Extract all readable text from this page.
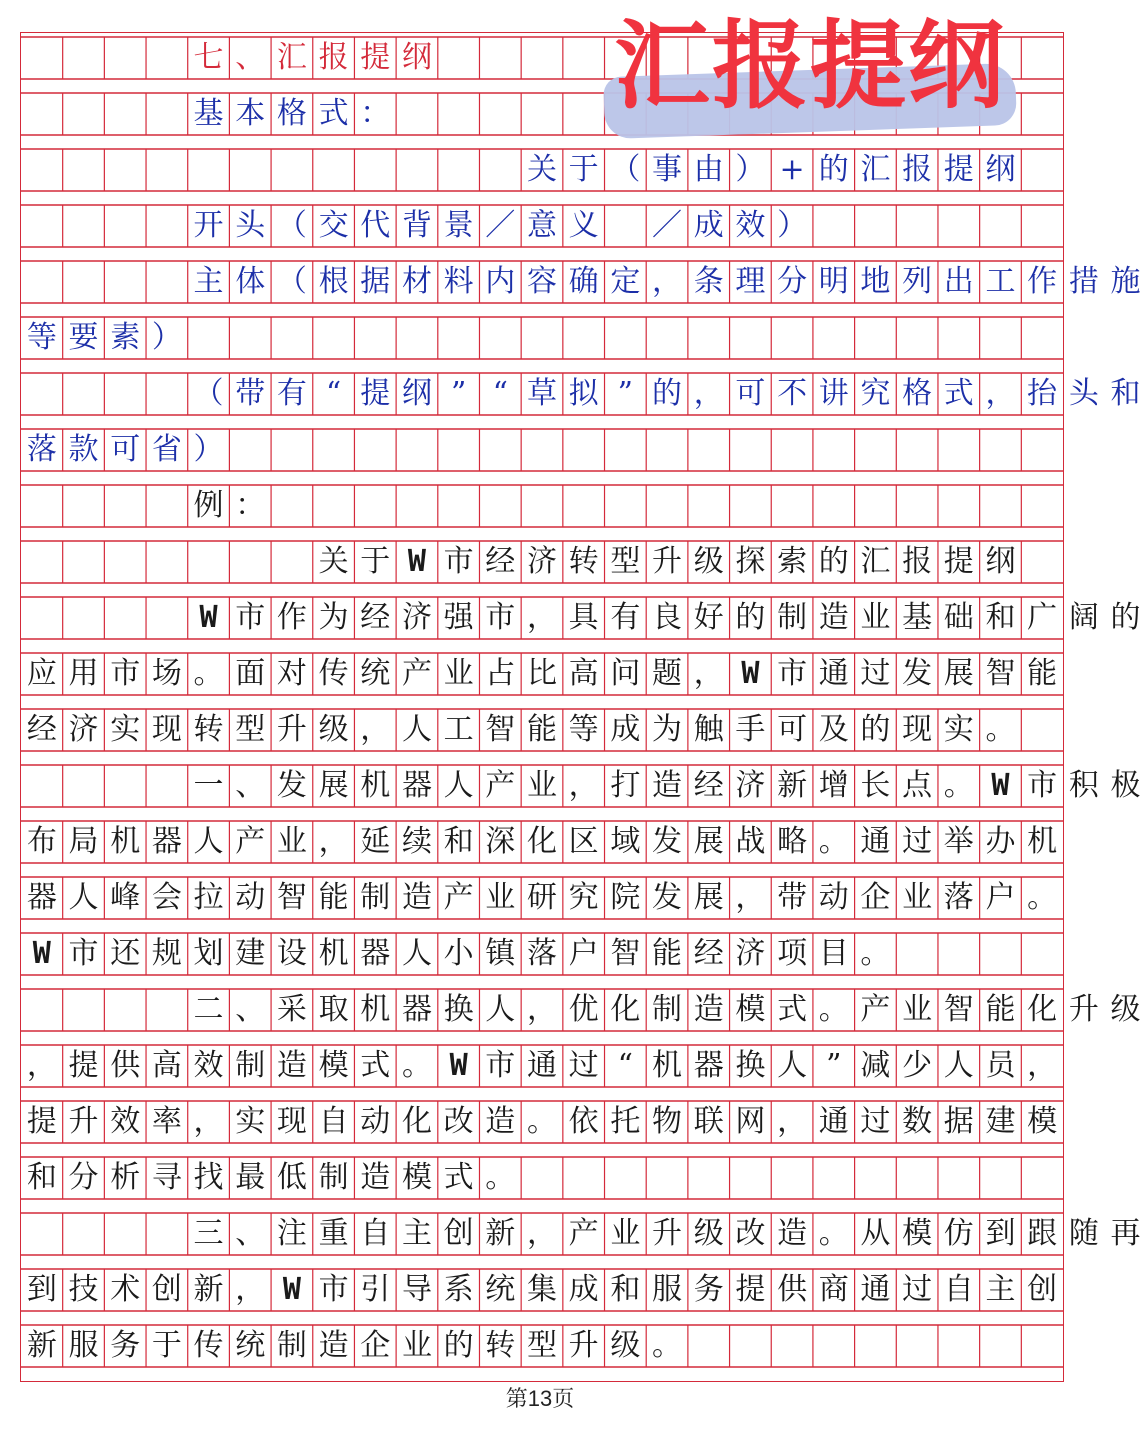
七 、 汇 报 提 纲
基 本 格 式 ：
关 于 （ 事 由 ） + 的 汇 报 提 纲
开 头 （ 交 代 背 景 ／ 意 义
　 ／ 成 效 ）
主 体 （ 根 据 材 料 内 容 确 定 ， 条 理 分 明 地 列 出 工 作 措 施
等 要 素 ）
（ 带 有 “ 提 纲 ” “ 草 拟 ” 的 ， 可 不 讲 究 格 式 ， 抬 头 和
落 款 可 省 ）
例 ：
关 于 W 市 经 济 转 型 升 级 探 索 的 汇 报 提 纲
W 市 作 为 经 济 强 市 ， 具 有 良 好 的 制 造 业 基 础 和 广 阔 的
应 用 市 场 。 面 对 传 统 产 业 占 比 高 问 题 ， W 市 通 过 发 展 智 能
经 济 实 现 转 型 升 级 ， 人 工 智 能 等 成 为 触 手 可 及 的 现 实 。
一 、 发 展 机 器 人 产 业 ， 打 造 经 济 新 增 长 点 。 W 市 积 极
布 局 机 器 人 产 业 ， 延 续 和 深 化 区 域 发 展 战 略 。 通 过 举 办 机
器 人 峰 会 拉 动 智 能 制 造 产 业 研 究 院 发 展 ， 带 动 企 业 落 户 。
W 市 还 规 划 建 设 机 器 人 小 镇 落 户 智 能 经 济 项 目 。
二 、 采 取 机 器 换 人 ， 优 化 制 造 模 式 。 产 业 智 能 化 升 级
， 提 供 高 效 制 造 模 式 。 W 市 通 过 “ 机 器 换 人 ” 减 少 人 员 ，
提 升 效 率 ， 实 现 自 动 化 改 造 。 依 托 物 联 网 ， 通 过 数 据 建 模
和 分 析 寻 找 最 低 制 造 模 式 。
三 、 注 重 自 主 创 新 ， 产 业 升 级 改 造 。 从 模 仿 到 跟 随 再
到 技 术 创 新 ， W 市 引 导 系 统 集 成 和 服 务 提 供 商 通 过 自 主 创
新 服 务 于 传 统 制 造 企 业 的 转 型 升 级 。
汇报提纲
第13页
